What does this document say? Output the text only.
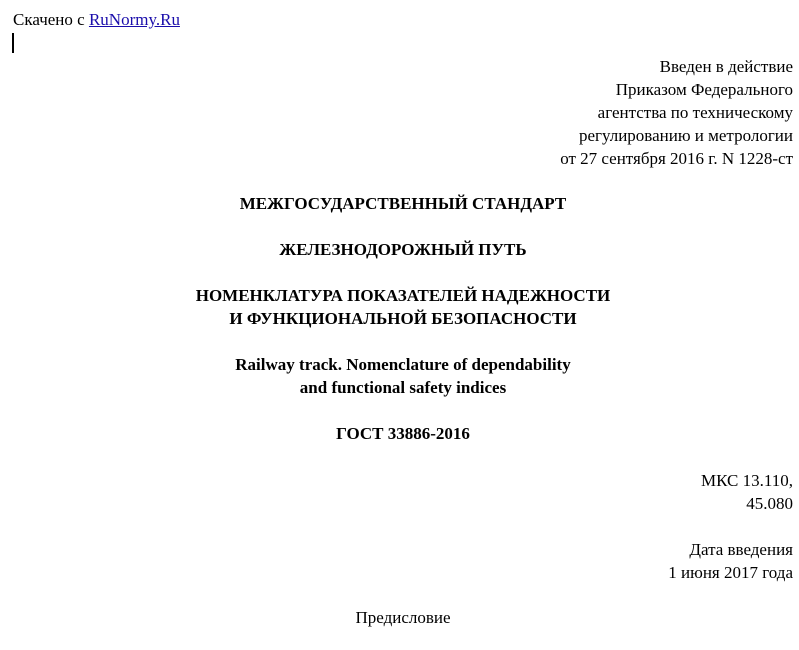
Скачено с RuNormy.Ru
Введен в действие
Приказом Федерального
агентства по техническому
регулированию и метрологии
от 27 сентября 2016 г. N 1228-ст
МЕЖГОСУДАРСТВЕННЫЙ СТАНДАРТ
ЖЕЛЕЗНОДОРОЖНЫЙ ПУТЬ
НОМЕНКЛАТУРА ПОКАЗАТЕЛЕЙ НАДЕЖНОСТИ
И ФУНКЦИОНАЛЬНОЙ БЕЗОПАСНОСТИ
Railway track. Nomenclature of dependability
and functional safety indices
ГОСТ 33886-2016
МКС 13.110,
45.080
Дата введения
1 июня 2017 года
Предисловие
